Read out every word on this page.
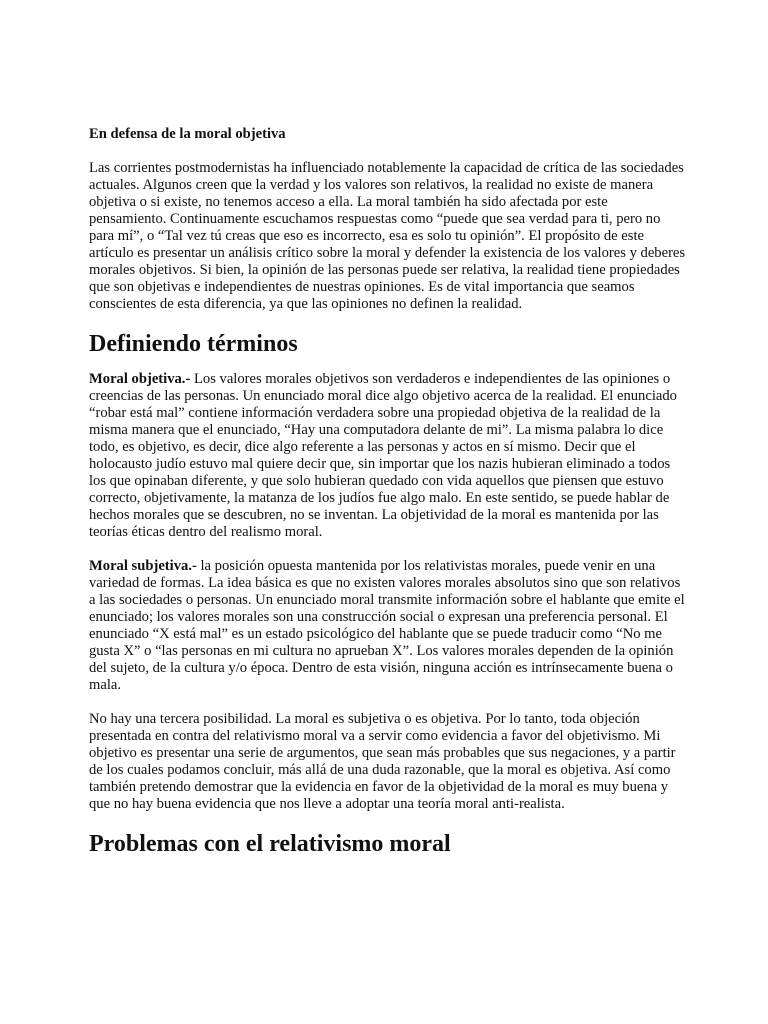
En defensa de la moral objetiva

Las corrientes postmodernistas ha influenciado notablemente la capacidad de crítica de las sociedades actuales. Algunos creen que la verdad y los valores son relativos, la realidad no existe de manera objetiva o si existe, no tenemos acceso a ella. La moral también ha sido afectada por este pensamiento. Continuamente escuchamos respuestas como “puede que sea verdad para ti, pero no para mí”, o “Tal vez tú creas que eso es incorrecto, esa es solo tu opinión”. El propósito de este artículo es presentar un análisis crítico sobre la moral y defender la existencia de los valores y deberes morales objetivos. Si bien, la opinión de las personas puede ser relativa, la realidad tiene propiedades que son objetivas e independientes de nuestras opiniones. Es de vital importancia que seamos conscientes de esta diferencia, ya que las opiniones no definen la realidad.

Definiendo términos

Moral objetiva.- Los valores morales objetivos son verdaderos e independientes de las opiniones o creencias de las personas. Un enunciado moral dice algo objetivo acerca de la realidad. El enunciado “robar está mal” contiene información verdadera sobre una propiedad objetiva de la realidad de la misma manera que el enunciado, “Hay una computadora delante de mi”. La misma palabra lo dice todo, es objetivo, es decir, dice algo referente a las personas y actos en sí mismo. Decir que el holocausto judío estuvo mal quiere decir que, sin importar que los nazis hubieran eliminado a todos los que opinaban diferente, y que solo hubieran quedado con vida aquellos que piensen que estuvo correcto, objetivamente, la matanza de los judíos fue algo malo. En este sentido, se puede hablar de hechos morales que se descubren, no se inventan. La objetividad de la moral es mantenida por las teorías éticas dentro del realismo moral.

Moral subjetiva.- la posición opuesta mantenida por los relativistas morales, puede venir en una variedad de formas. La idea básica es que no existen valores morales absolutos sino que son relativos a las sociedades o personas. Un enunciado moral transmite información sobre el hablante que emite el enunciado; los valores morales son una construcción social o expresan una preferencia personal. El enunciado “X está mal” es un estado psicológico del hablante que se puede traducir como “No me gusta X” o “las personas en mi cultura no aprueban X”. Los valores morales dependen de la opinión del sujeto, de la cultura y/o época. Dentro de esta visión, ninguna acción es intrínsecamente buena o mala.

No hay una tercera posibilidad. La moral es subjetiva o es objetiva. Por lo tanto, toda objeción presentada en contra del relativismo moral va a servir como evidencia a favor del objetivismo. Mi objetivo es presentar una serie de argumentos, que sean más probables que sus negaciones, y a partir de los cuales podamos concluir, más allá de una duda razonable, que la moral es objetiva. Así como también pretendo demostrar que la evidencia en favor de la objetividad de la moral es muy buena y que no hay buena evidencia que nos lleve a adoptar una teoría moral anti-realista.

Problemas con el relativismo moral
